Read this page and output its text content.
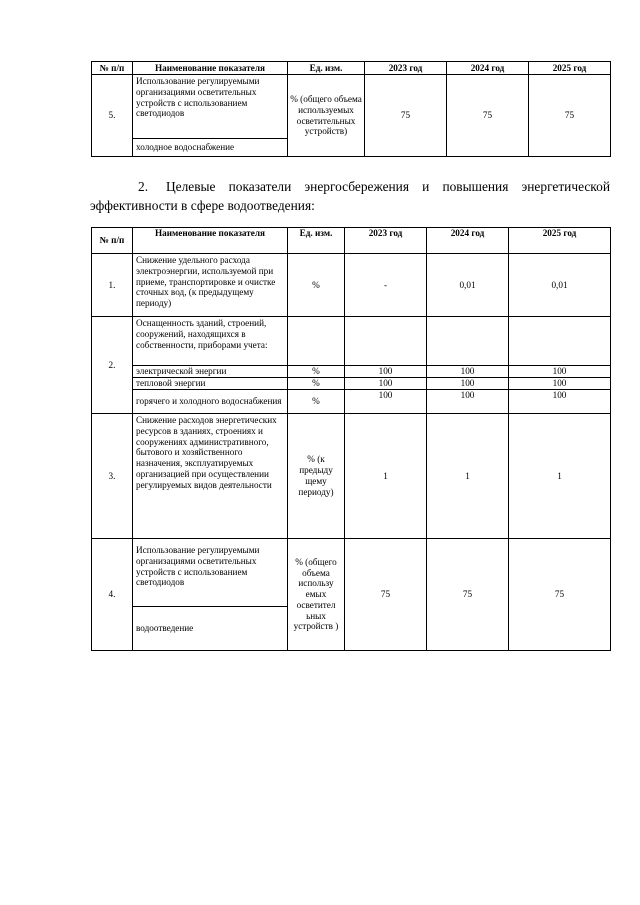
№ п/п	Наименование показателя	Ед. изм.	2023 год	2024 год	2025 год
5.	Использование регулируемыми организациями осветительных устройств с использованием светодиодов	% (общего объема используемых осветительных устройств)	75	75	75
	холодное водоснабжение				
2. Целевые показатели энергосбережения и повышения энергетической эффективности в сфере водоотведения:
№ п/п	Наименование показателя	Ед. изм.	2023 год	2024 год	2025 год
1.	Снижение удельного расхода электроэнергии, используемой при приеме, транспортировке и очистке сточных вод, (к предыдущему периоду)	%	-	0,01	0,01
2.	Оснащенность зданий, строений, сооружений, находящихся в собственности, приборами учета:				
	электрической энергии	%	100	100	100
	тепловой энергии	%	100	100	100
	горячего и холодного водоснабжения	%	100	100	100
3.	Снижение расходов энергетических ресурсов в зданиях, строениях и сооружениях административного, бытового и хозяйственного назначения, эксплуатируемых организацией при осуществлении регулируемых видов деятельности	% (к предыду щему периоду)	1	1	1
4.	Использование регулируемыми организациями осветительных устройств с использованием светодиодов	% (общего объема использу емых осветител ьных устройств )	75	75	75
	водоотведение				
